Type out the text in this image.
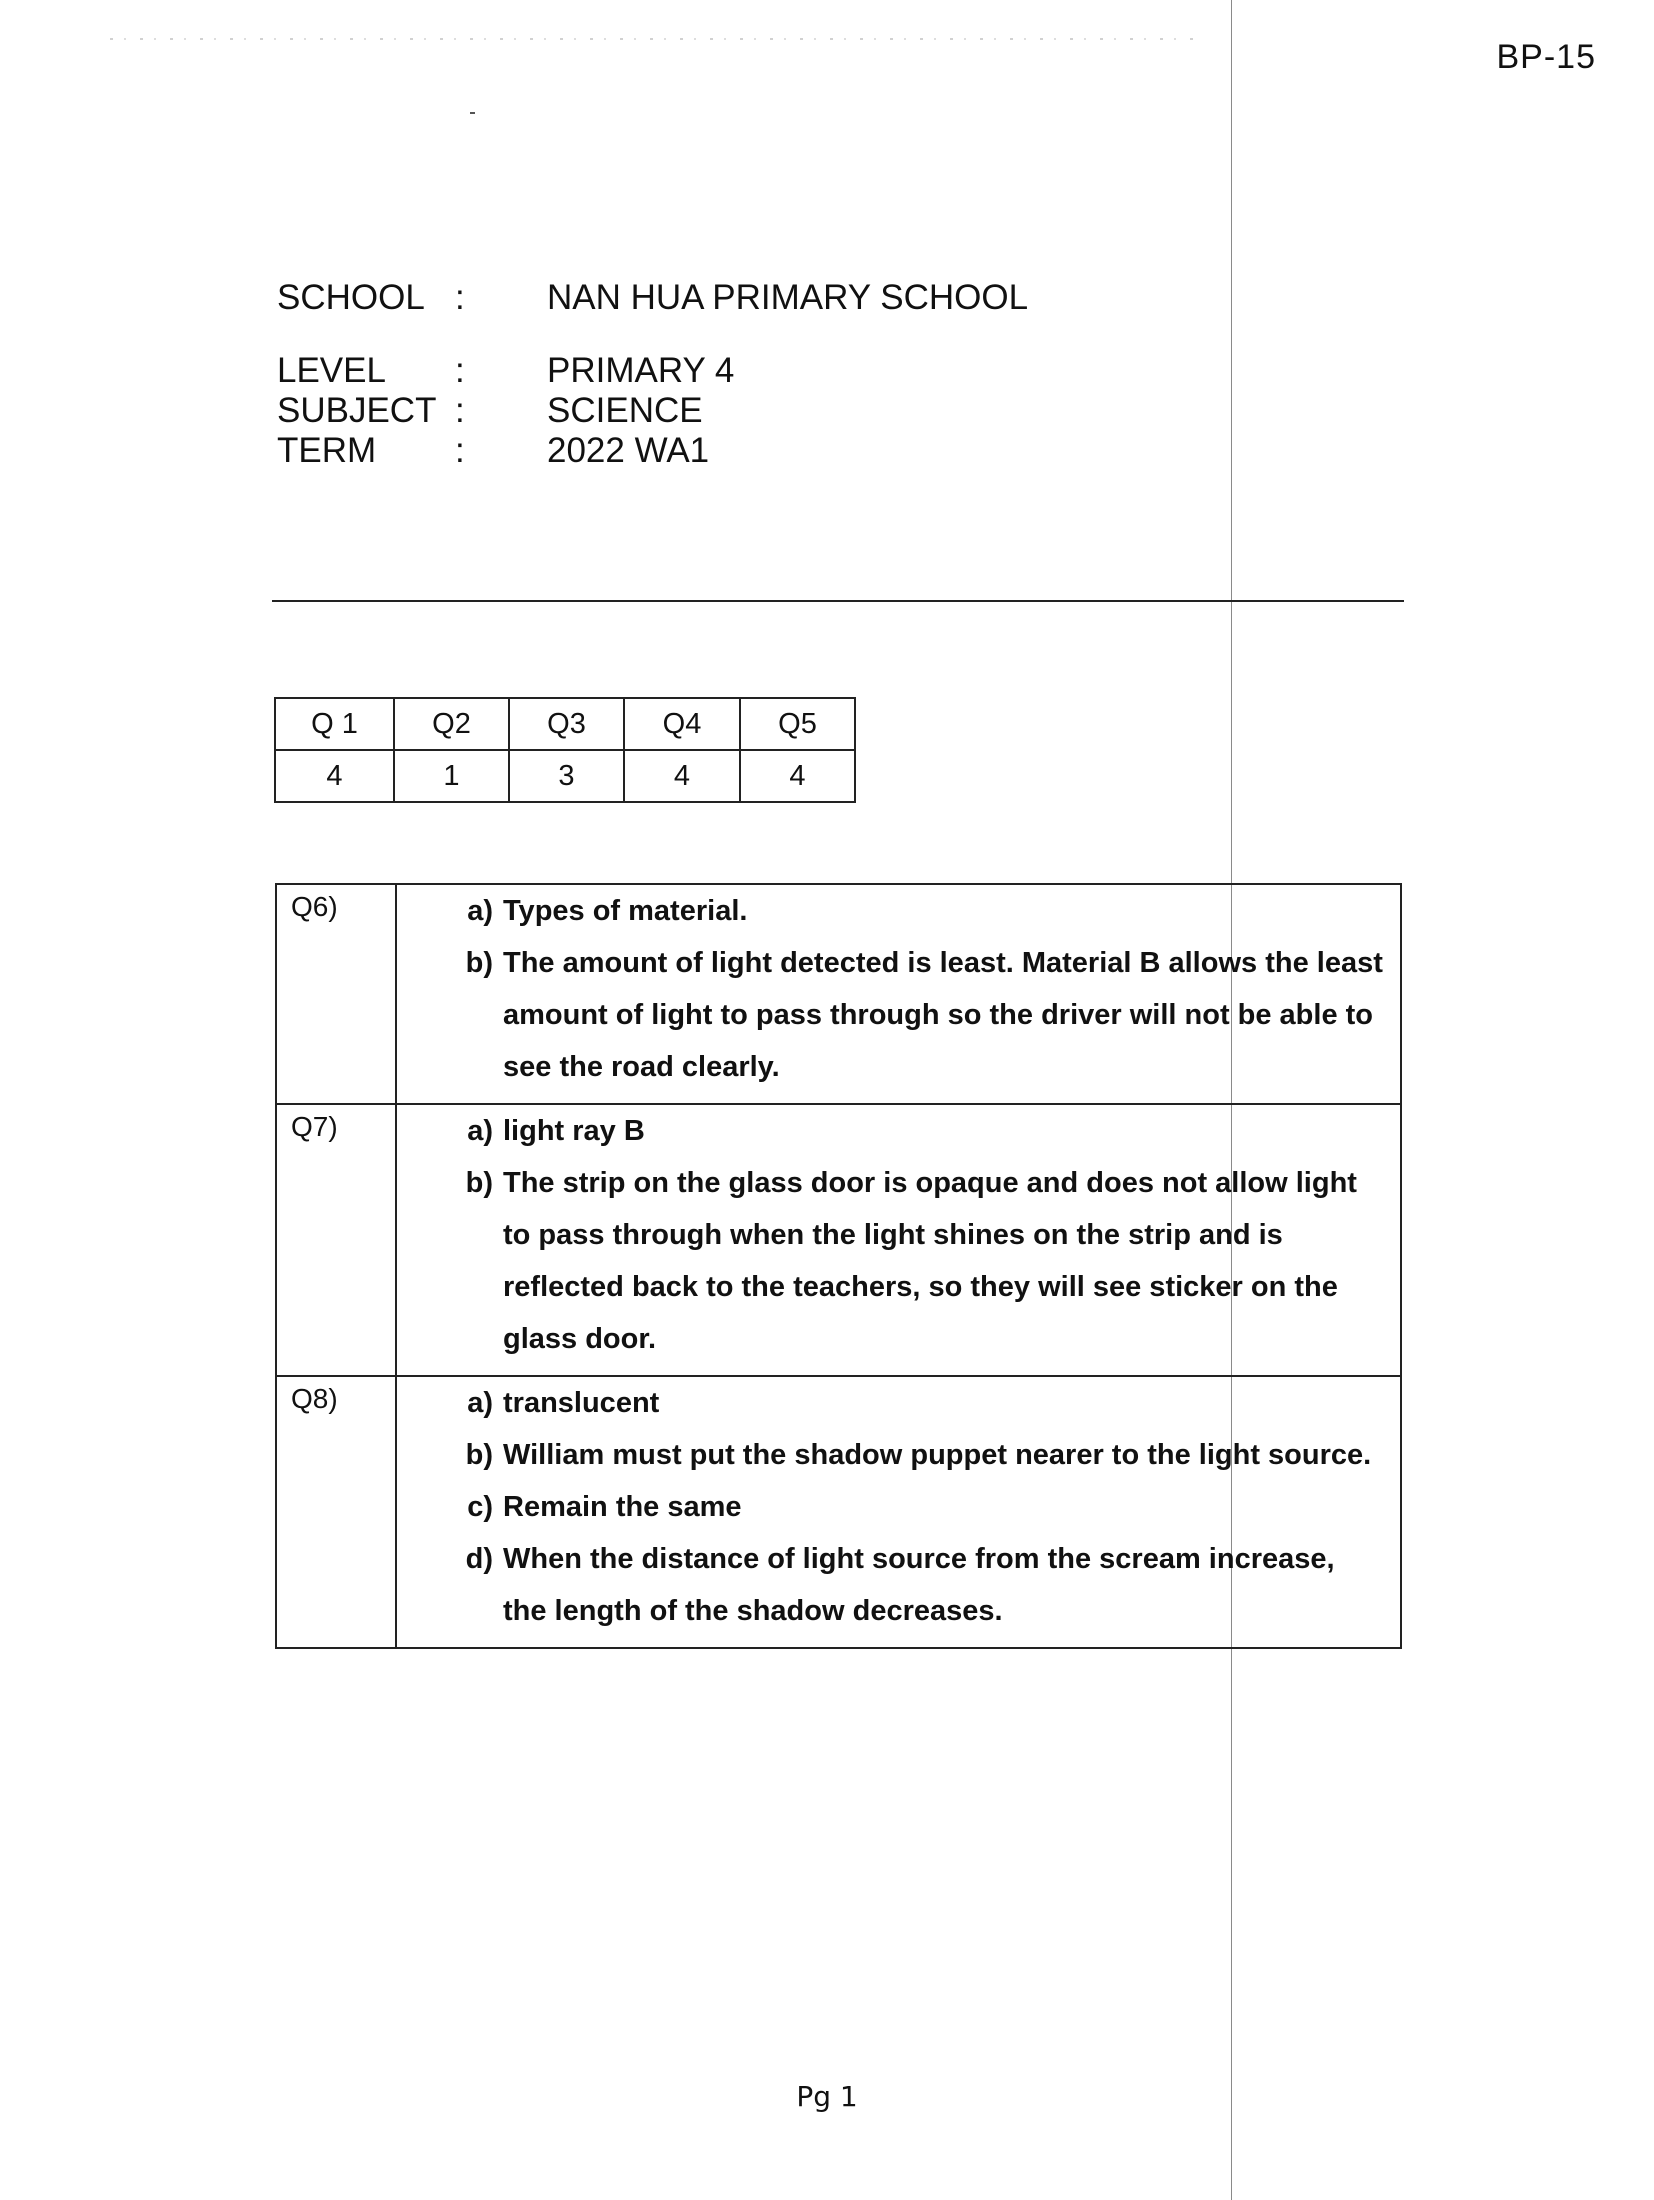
BP-15
SCHOOL : NAN HUA PRIMARY SCHOOL
LEVEL	: PRIMARY 4
SUBJECT : SCIENCE
TERM	: 2022 WA1
Q 1	Q2	Q3	Q4	Q5
4	1	3	4	4
Q6)	a) Types of material.
b) The amount of light detected is least. Material B allows the least amount of light to pass through so the driver will not be able to see the road clearly.
Q7)	a) light ray B
b) The strip on the glass door is opaque and does not allow light to pass through when the light shines on the strip and is reflected back to the teachers, so they will see sticker on the glass door.
Q8)	a) translucent
b) William must put the shadow puppet nearer to the light source.
c) Remain the same
d) When the distance of light source from the scream increase, the length of the shadow decreases.
Pg 1
